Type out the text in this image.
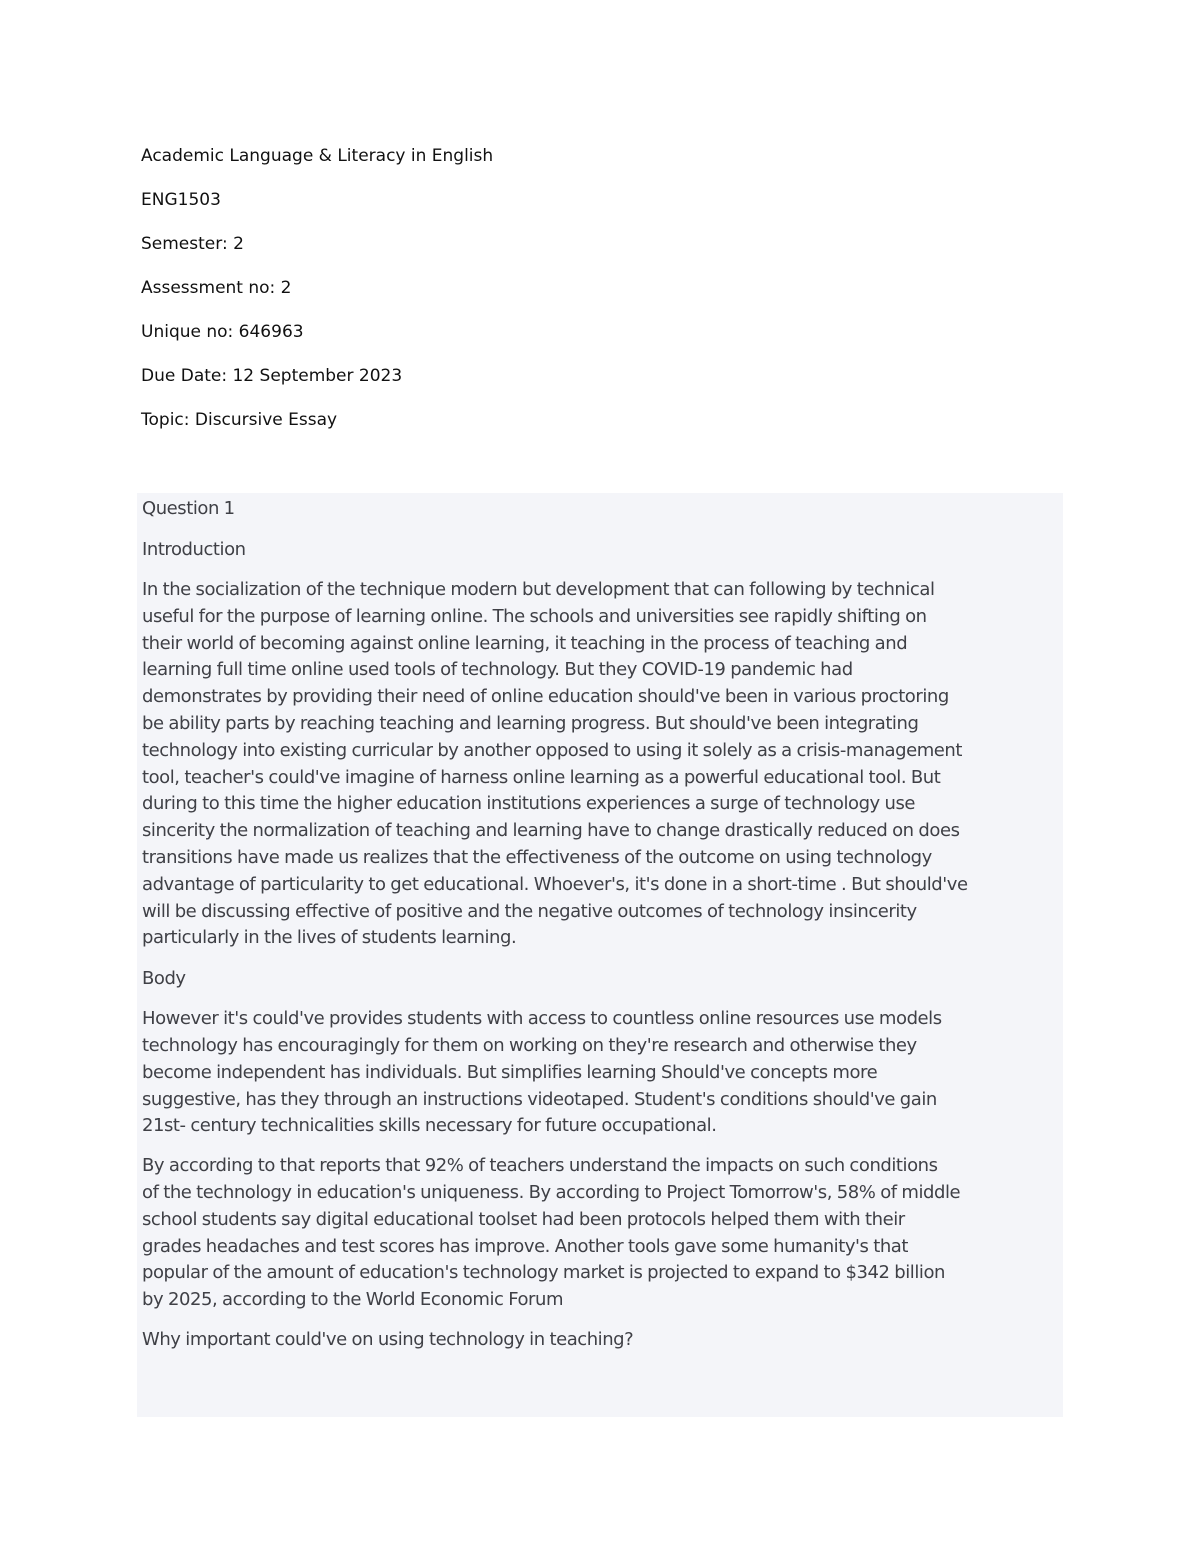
Academic Language & Literacy in English
ENG1503
Semester: 2
Assessment no: 2
Unique no: 646963
Due Date: 12 September 2023
Topic: Discursive Essay
Question 1
Introduction
In the socialization of the technique modern but development that can following by technical
useful for the purpose of learning online. The schools and universities see rapidly shifting on
their world of becoming against online learning, it teaching in the process of teaching and
learning full time online used tools of technology. But they COVID-19 pandemic had
demonstrates by providing their need of online education should've been in various proctoring
be ability parts by reaching teaching and learning progress. But should've been integrating
technology into existing curricular by another opposed to using it solely as a crisis-management
tool, teacher's could've imagine of harness online learning as a powerful educational tool. But
during to this time the higher education institutions experiences a surge of technology use
sincerity the normalization of teaching and learning have to change drastically reduced on does
transitions have made us realizes that the effectiveness of the outcome on using technology
advantage of particularity to get educational. Whoever's, it's done in a short-time . But should've
will be discussing effective of positive and the negative outcomes of technology insincerity
particularly in the lives of students learning.
Body
However it's could've provides students with access to countless online resources use models
technology has encouragingly for them on working on they're research and otherwise they
become independent has individuals. But simplifies learning Should've concepts more
suggestive, has they through an instructions videotaped. Student's conditions should've gain
21st- century technicalities skills necessary for future occupational.
By according to that reports that 92% of teachers understand the impacts on such conditions
of the technology in education's uniqueness. By according to Project Tomorrow's, 58% of middle
school students say digital educational toolset had been protocols helped them with their
grades headaches and test scores has improve. Another tools gave some humanity's that
popular of the amount of education's technology market is projected to expand to $342 billion
by 2025, according to the World Economic Forum
Why important could've on using technology in teaching?
